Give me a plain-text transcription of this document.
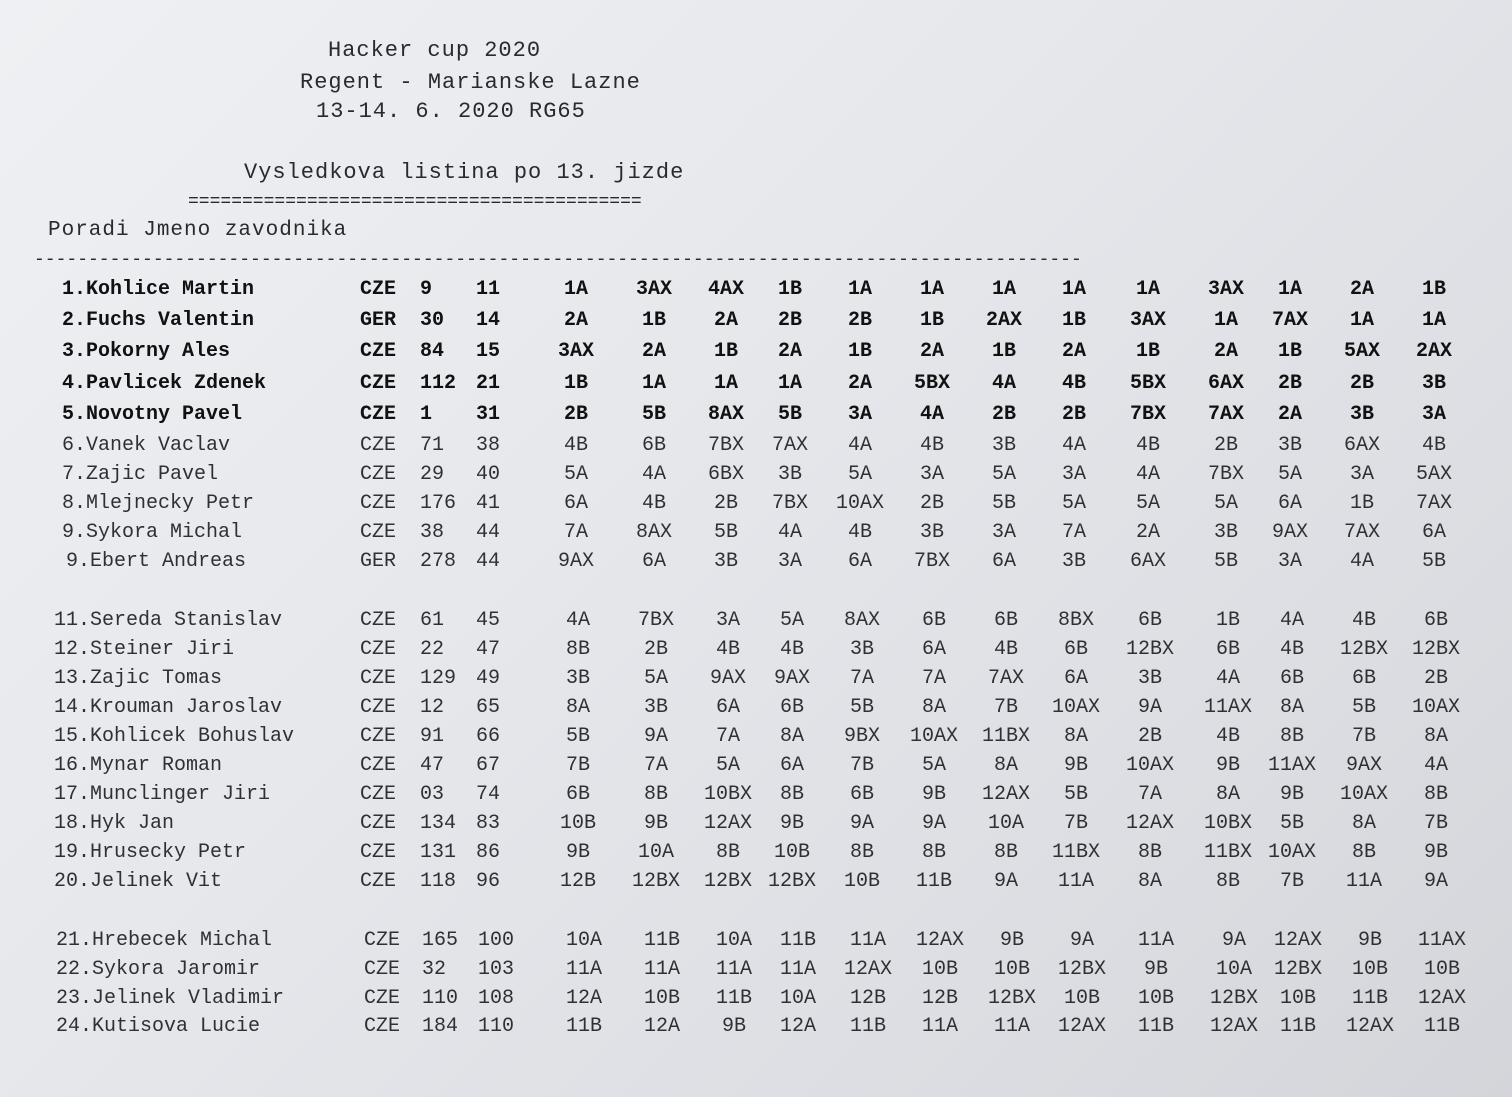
Hacker cup 2020
Regent - Marianske Lazne
13-14. 6. 2020 RG65
Vysledkova listina po 13. jizde
==========================================
Poradi Jmeno zavodnika
-------------------------------------------------------------------------------------------------
1.Kohlice Martin	CZE	9	11	1A	3AX	4AX	1B	1A	1A	1A	1A	1A	3AX	1A	2A	1B
2.Fuchs Valentin	GER	30	14	2A	1B	2A	2B	2B	1B	2AX	1B	3AX	1A	7AX	1A	1A
3.Pokorny Ales	CZE	84	15	3AX	2A	1B	2A	1B	2A	1B	2A	1B	2A	1B	5AX	2AX
4.Pavlicek Zdenek	CZE	112 21	1B	1A	1A	1A	2A	5BX	4A	4B	5BX	6AX	2B	2B	3B
5.Novotny Pavel	CZE	1	31	2B	5B	8AX	5B	3A	4A	2B	2B	7BX	7AX	2A	3B	3A
6.Vanek Vaclav	CZE	71	38	4B	6B	7BX	7AX	4A	4B	3B	4A	4B	2B	3B	6AX	4B
7.Zajic Pavel	CZE	29	40	5A	4A	6BX	3B	5A	3A	5A	3A	4A	7BX	5A	3A	5AX
8.Mlejnecky Petr	CZE	176 41	6A	4B	2B	7BX	10AX	2B	5B	5A	5A	5A	6A	1B	7AX
9.Sykora Michal	CZE	38	44	7A	8AX	5B	4A	4B	3B	3A	7A	2A	3B	9AX	7AX	6A
9.Ebert Andreas	GER	278 44	9AX	6A	3B	3A	6A	7BX	6A	3B	6AX	5B	3A	4A	5B
11.Sereda Stanislav	CZE	61	45	4A	7BX	3A	5A	8AX	6B	6B	8BX	6B	1B	4A	4B	6B
12.Steiner Jiri	CZE	22	47	8B	2B	4B	4B	3B	6A	4B	6B	12BX	6B	4B	12BX	12BX
13.Zajic Tomas	CZE	129 49	3B	5A	9AX	9AX	7A	7A	7AX	6A	3B	4A	6B	6B	2B
14.Krouman Jaroslav	CZE	12	65	8A	3B	6A	6B	5B	8A	7B	10AX	9A	11AX	8A	5B	10AX
15.Kohlicek Bohuslav	CZE	91	66	5B	9A	7A	8A	9BX	10AX	11BX	8A	2B	4B	8B	7B	8A
16.Mynar Roman	CZE	47	67	7B	7A	5A	6A	7B	5A	8A	9B	10AX	9B	11AX	9AX	4A
17.Munclinger Jiri	CZE	03	74	6B	8B	10BX	8B	6B	9B	12AX	5B	7A	8A	9B	10AX	8B
18.Hyk Jan	CZE	134 83	10B	9B	12AX	9B	9A	9A	10A	7B	12AX	10BX	5B	8A	7B
19.Hrusecky Petr	CZE	131 86	9B	10A	8B	10B	8B	8B	8B	11BX	8B	11BX 10AX	8B	9B
20.Jelinek Vit	CZE	118 96	12B	12BX	12BX 12BX	10B	11B	9A	11A	8A	8B	7B	11A	9A
21.Hrebecek Michal	CZE	165 100	10A	11B	10A	11B	11A	12AX	9B	9A	11A	9A	12AX	9B	11AX
22.Sykora Jaromir	CZE	32	103	11A	11A	11A	11A	12AX	10B	10B	12BX	9B	10A	12BX	10B	10B
23.Jelinek Vladimir	CZE	110 108	12A	10B	11B	10A	12B	12B	12BX	10B	10B	12BX	10B	11B	12AX
24.Kutisova Lucie	CZE	184 110	11B	12A	9B	12A	11B	11A	11A	12AX	11B	12AX	11B	12AX	11B
